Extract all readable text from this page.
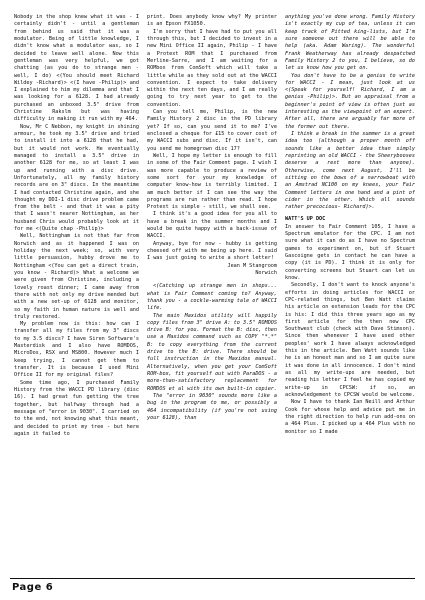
Nobody in the shop knew what it was - I certainly didn't - until a gentleman from behind us said that it was a modulator. Being of little knowledge, I didn't know what a modulator was, so I decided to leave well alone. Now this gentleman was very helpful, we got chatting (as you do to strange men - well, I do) <(You should meet Richard Wildey -Richard)> <(I have -Philip)> and I explained to him my dilemma and that I was looking for a 6128. I had already purchased an unboxed 3.5" drive from Christine Rakslm but was having difficulty in making it run with my 464.

Now, Mr C Nebbon, my knight in shining armour, he took my 3.5" drive and tried to install it into a 6128 that he had, but it would not work. He eventually managed to install a 3.5" drive in another 6128 for me, so at least I was up and running with a disc drive. Unfortunately, all my family history records are on 3" discs. In the meantime I had contacted Christine again, and she thought my DDI-1 disc drive problem came from the belt - and that it was a pity that I wasn't nearer Nottingham, as her husband Chris would probably look at it for me <(Quite chap -Philip)>

Well, Nottingham is not that far from Norwich and as it happened I was on holiday the next week; so, with very little persuasion, hubby drove me to Nottingham <(You can get a direct train, you know - Richard)> What a welcome we were given from Christine, including a lovely roast dinner; I came away from there with not only my drive mended but with a new set-up of 6128 and monitor, so my faith in human nature is well and truly restored.

My problem now is this: how can I transfer all my files from my 3" discs to my 3.5 discs? I have Siren Software's Masterdisk and I also have ROMDOS, MicroDos, RSX and MS800. However much I keep trying, I cannot get them to transfer. It is because I used Mini Office II for my original files?

Some time ago, I purchased Family History from the WACCI PD library (disc 16). I had great fun getting the tree together, but halfway through had a message of "error in 9030". I carried on to the end, not knowing what this meant, and decided to print my tree - but here again it failed to

print. Does anybody know why? My printer is an Epson FX1050.

I'm sorry that I have had to put you all through this, but I decided to invest in a new Mini Office II again, Philip - I have a Protext ROM that I purchased from Merline-Sarre, and I am waiting for a ROMbox from ComSoft which will take a little while as they sold out at the WACCI convention. I expect to take delivery within the next ten days, and I am really going to try next year to get to the convention.

Can you tell me, Philip, is the new Family History 2 disc in the PD library yet? If so, can you send it to me? I've enclosed a cheque for £15 to cover cost of my WACCI subs and disc. If it isn't, can you send me homegrown disc 17?

Well, I hope my letter is enough to fill in some of the Fair Comment page. I wish I was more capable to produce a review of some sort for your my knowledge of computer know-how is terribly limited. I am much better if I can see the way the programs are run rather than read. I hope Protext is simple - still, we shall see.

I think it's a good idea for you all to have a break in the summer months and I would be quite happy with a back-issue of WACCI.

Anyway, bye for now - hubby is getting cheesed off with me being up here. I said I was just going to write a short letter!

Jean M Stangroom
Norwich

<(Catching up strange men in shops... what is Fair Comment coming to? Anyway, thank you - a cockle-warming tale of WACCI life.

The main Maxidos utility will happily copy files from 3" drive A: to 3.5" ROMDOS drive B: for you. Format the B: disc, then use a Maxidos command such as COPY "*.*" B: to copy everything from the current drive to the B: drive. There should be full instruction in the Maxidos manual. Alternatively, when you get your ComSoft ROM-box, fit yourself out with ParaDOS - a more-than-satisfactory replacement for ROMDOS et al with its own built-in copier.

The "error in 9030" sounds more like a bug in the program to me, or possibly a 464 incompatibility (if you're not using your 6128), than

anything you've done wrong. Family History is't exactly my cup of tea, unless it can keep track of Pitted king-lists, but I'm sure someone out there will be able to help (aka. Adam Waring). The wonderful Frank Weatherway has already despatched Family History 2 to you, I believe, so do let us know how you get on.

You don't have to be a genius to write for WACCI - I mean, just look at us <(Speak for yourself! Richard, I am a genius -Philip)>. But an appraisal from a beginner's point of view is often just as interesting as the viewpoint of an expert. After all, there are arguably far more of the former out there.

I think a break in the summer is a great idea too (although a proper month off sounds like a better idea than simply reprinting an old WACCI - the Sheerybooses deserve a rest more than anyone). Otherwise, come next August, I'll be sitting on the bows of a narrowboat with an Amstrad NC100 on my knees, your Fair Comment letters in one hand and a pint of cider in the other. Which all sounds rather precocious- Richard)>.

WATT'S UP DOC

In answer to Fair Comment 105, I have a Spectrum emulator for the CPC. I am not sure what it can do as I have no Spectrum games to experiment on, but if Stuart Gascoigne gets in contact he can have a copy (it is PD). I think it is only for converting screens but Stuart can let us know.

Secondly, I don't want to knock anyone's efforts in doing articles for WACCI or CPC-related things, but Ben Watt claims his article on extension leads for the CPC is his: I did this three years ago as my first article for the then new CPC Southwest club (check with Dave Stimson). Since then whenever I have used other peoples' work I have always acknowledged this in the article. Ben Watt sounds like he is an honest man and so I am quite sure it was done in all innocence. I don't mind as all my write-ups are needed, but reading his letter I feel he has copied my write-up in CPCSW: if so, an acknowledgement to CPCSW would be welcome.

Now I have to thank Ian Neill and Arthur Cook for whose help and advice put me in the right direction to help run add-ons on a 464 Plus. I picked up a 464 Plus with no monitor so I made

Page 6
